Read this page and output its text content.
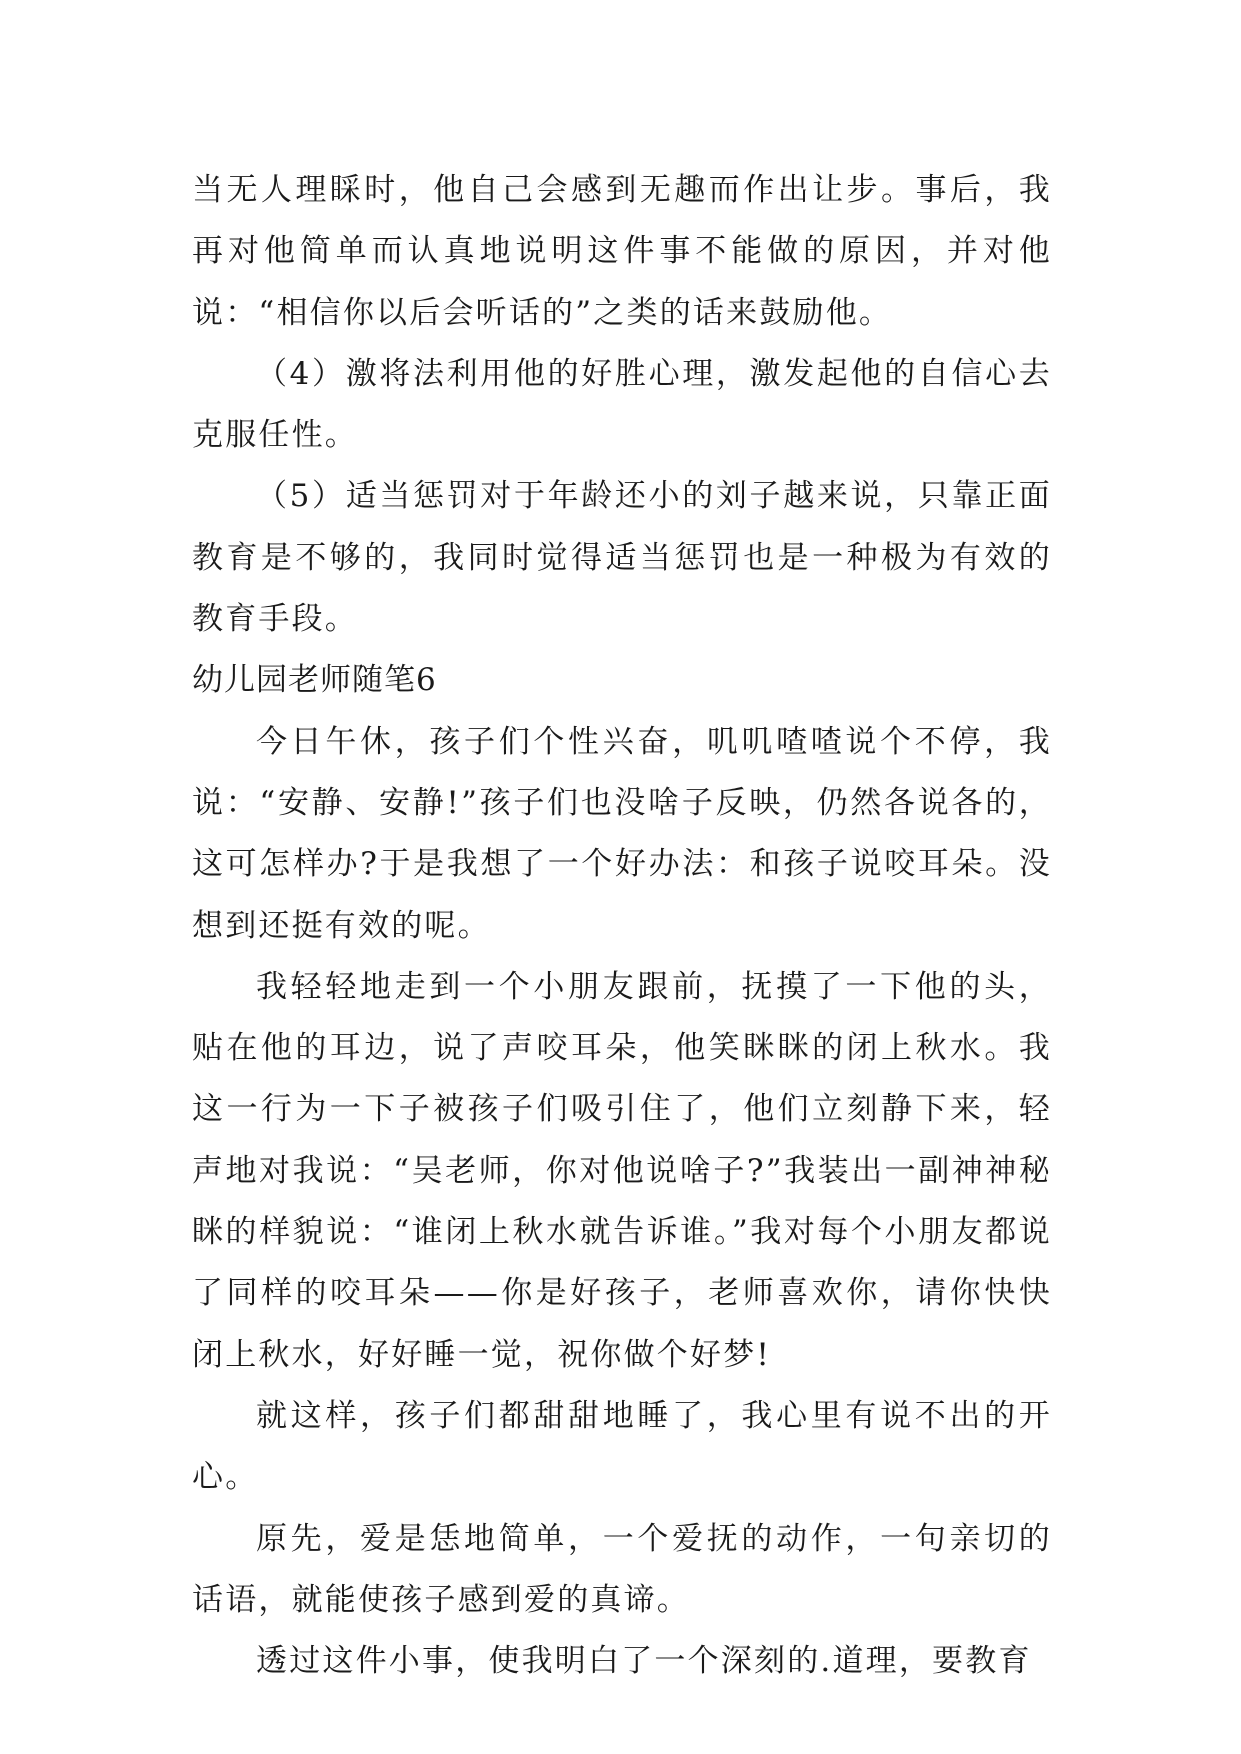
当无人理睬时，他自己会感到无趣而作出让步。事后，我再对他简单而认真地说明这件事不能做的原因，并对他说：“相信你以后会听话的”之类的话来鼓励他。

（4）激将法利用他的好胜心理，激发起他的自信心去克服任性。

（5）适当惩罚对于年龄还小的刘子越来说，只靠正面教育是不够的，我同时觉得适当惩罚也是一种极为有效的教育手段。

幼儿园老师随笔6

今日午休，孩子们个性兴奋，叽叽喳喳说个不停，我说：“安静、安静!”孩子们也没啥子反映，仍然各说各的，这可怎样办?于是我想了一个好办法：和孩子说咬耳朵。没想到还挺有效的呢。

我轻轻地走到一个小朋友跟前，抚摸了一下他的头，贴在他的耳边，说了声咬耳朵，他笑眯眯的闭上秋水。我这一行为一下子被孩子们吸引住了，他们立刻静下来，轻声地对我说：“吴老师，你对他说啥子?”我装出一副神神秘眯的样貌说：“谁闭上秋水就告诉谁。”我对每个小朋友都说了同样的咬耳朵——你是好孩子，老师喜欢你，请你快快闭上秋水，好好睡一觉，祝你做个好梦!

就这样，孩子们都甜甜地睡了，我心里有说不出的开心。

原先，爱是恁地简单，一个爱抚的动作，一句亲切的话语，就能使孩子感到爱的真谛。

透过这件小事，使我明白了一个深刻的.道理，要教育
